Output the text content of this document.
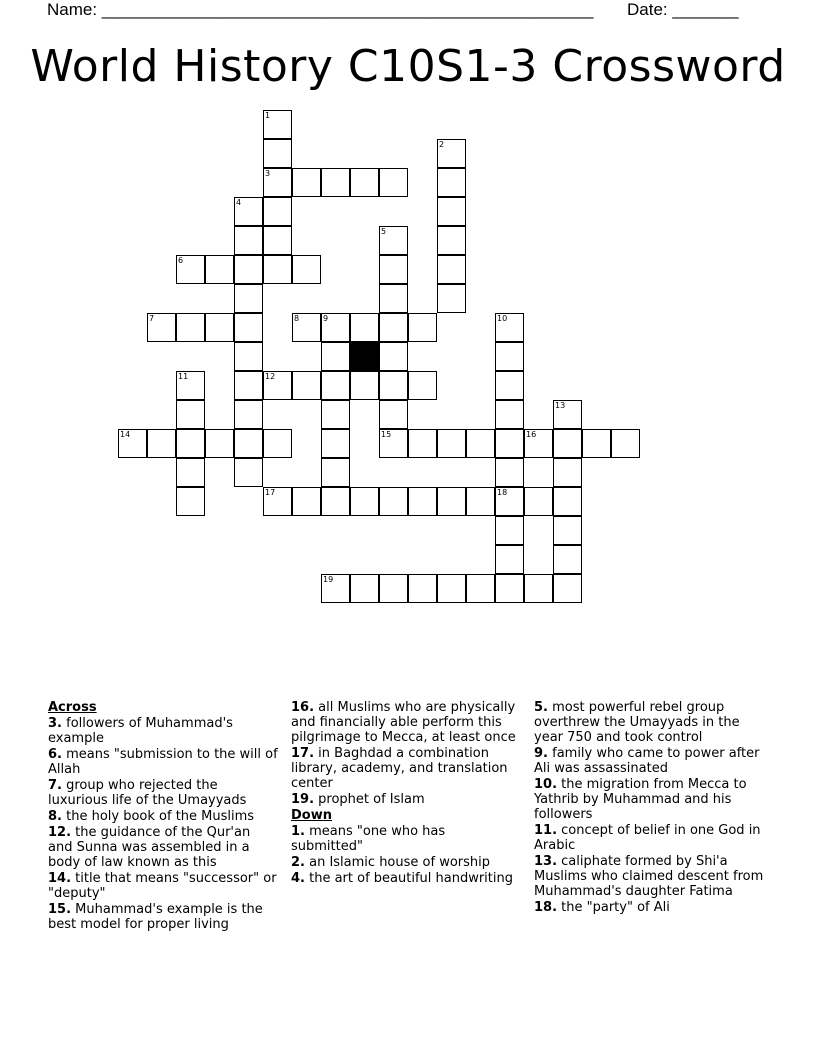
Name: ____________________________________________________ Date: _______
World History C10S1-3 Crossword
1
3
2
4
5
6
7	8	9	10
11	12
14	15
13
16
17	18
19
Across
3. followers of Muhammad's example
6. means "submission to the will of Allah
7. group who rejected the luxurious life of the Umayyads
8. the holy book of the Muslims
12. the guidance of the Qur'an and Sunna was assembled in a body of law known as this
14. title that means "successor" or "deputy"
15. Muhammad's example is the best model for proper living
16. all Muslims who are physically and financially able perform this pilgrimage to Mecca, at least once
17. in Baghdad a combination library, academy, and translation center
19. prophet of Islam
Down
1. means "one who has submitted"
2. an Islamic house of worship
4. the art of beautiful handwriting
5. most powerful rebel group overthrew the Umayyads in the year 750 and took control
9. family who came to power after Ali was assassinated
10. the migration from Mecca to Yathrib by Muhammad and his followers
11. concept of belief in one God in Arabic
13. caliphate formed by Shi'a Muslims who claimed descent from Muhammad's daughter Fatima
18. the "party" of Ali
